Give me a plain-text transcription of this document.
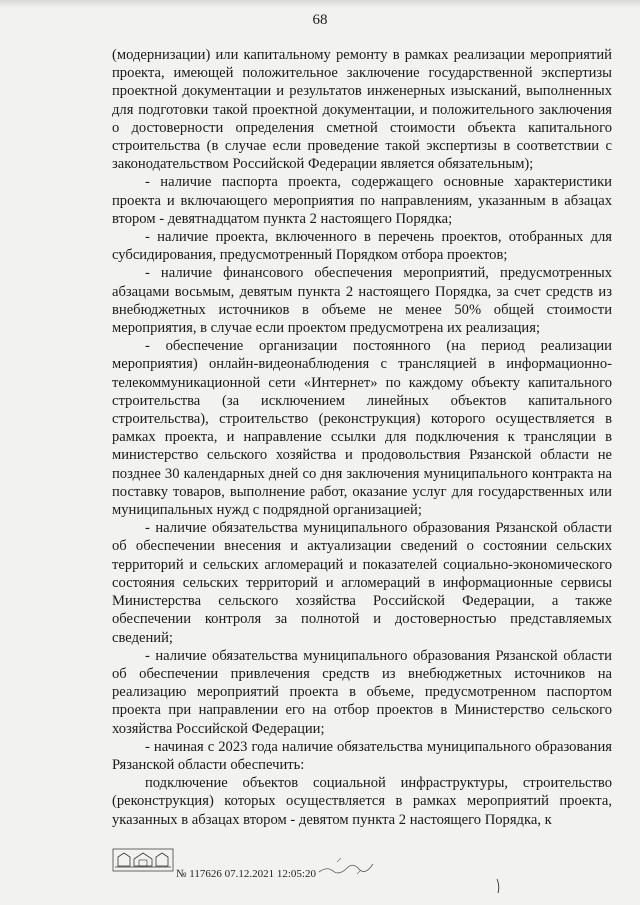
68

(модернизации) или капитальному ремонту в рамках реализации мероприятий проекта, имеющей положительное заключение государственной экспертизы проектной документации и результатов инженерных изысканий, выполненных для подготовки такой проектной документации, и положительного заключения о достоверности определения сметной стоимости объекта капитального строительства (в случае если проведение такой экспертизы в соответствии с законодательством Российской Федерации является обязательным);

- наличие паспорта проекта, содержащего основные характеристики проекта и включающего мероприятия по направлениям, указанным в абзацах втором - девятнадцатом пункта 2 настоящего Порядка;

- наличие проекта, включенного в перечень проектов, отобранных для субсидирования, предусмотренный Порядком отбора проектов;

- наличие финансового обеспечения мероприятий, предусмотренных абзацами восьмым, девятым пункта 2 настоящего Порядка, за счет средств из внебюджетных источников в объеме не менее 50% общей стоимости мероприятия, в случае если проектом предусмотрена их реализация;

- обеспечение организации постоянного (на период реализации мероприятия) онлайн-видеонаблюдения с трансляцией в информационно-телекоммуникационной сети «Интернет» по каждому объекту капитального строительства (за исключением линейных объектов капитального строительства), строительство (реконструкция) которого осуществляется в рамках проекта, и направление ссылки для подключения к трансляции в министерство сельского хозяйства и продовольствия Рязанской области не позднее 30 календарных дней со дня заключения муниципального контракта на поставку товаров, выполнение работ, оказание услуг для государственных или муниципальных нужд с подрядной организацией;

- наличие обязательства муниципального образования Рязанской области об обеспечении внесения и актуализации сведений о состоянии сельских территорий и сельских агломераций и показателей социально-экономического состояния сельских территорий и агломераций в информационные сервисы Министерства сельского хозяйства Российской Федерации, а также обеспечении контроля за полнотой и достоверностью представляемых сведений;

- наличие обязательства муниципального образования Рязанской области об обеспечении привлечения средств из внебюджетных источников на реализацию мероприятий проекта в объеме, предусмотренном паспортом проекта при направлении его на отбор проектов в Министерство сельского хозяйства Российской Федерации;

- начиная с 2023 года наличие обязательства муниципального образования Рязанской области обеспечить:

подключение объектов социальной инфраструктуры, строительство (реконструкция) которых осуществляется в рамках мероприятий проекта, указанных в абзацах втором - девятом пункта 2 настоящего Порядка, к

№ 117626 07.12.2021 12:05:20
